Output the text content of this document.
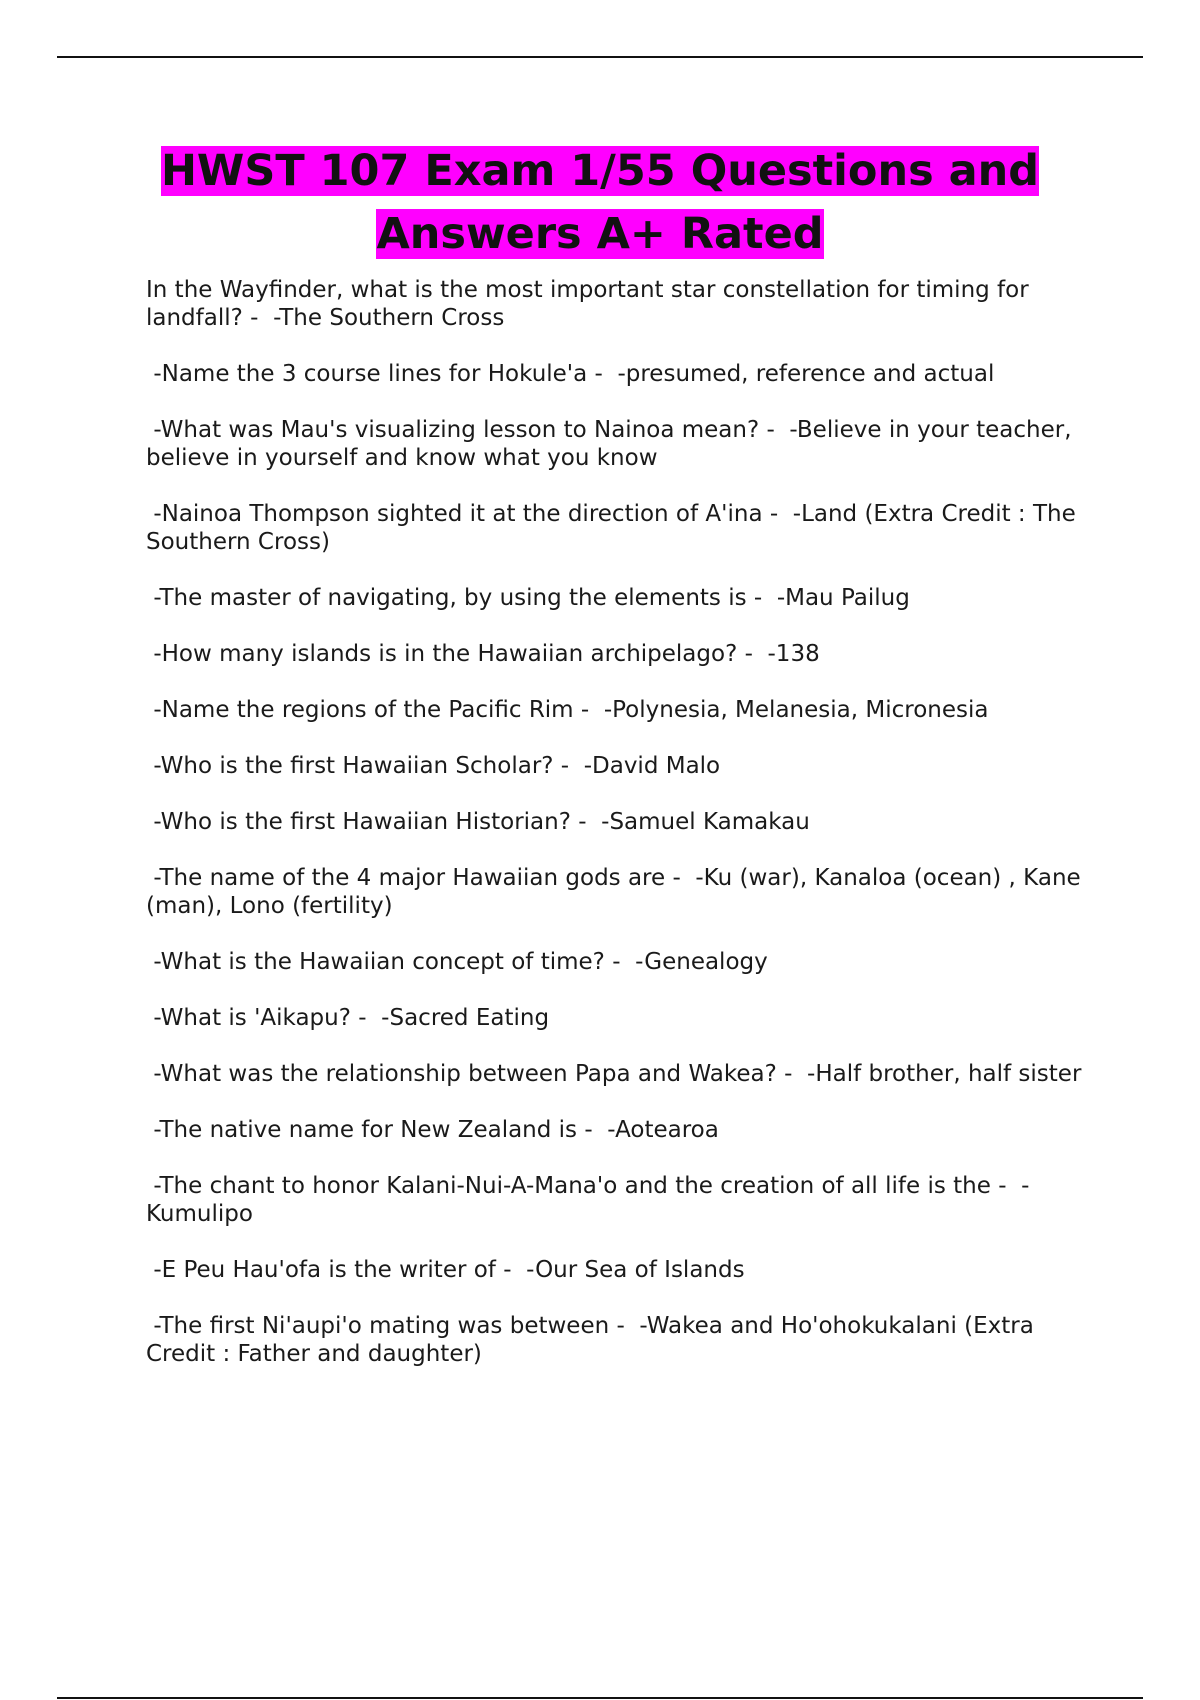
HWST 107 Exam 1/55 Questions and Answers A+ Rated
In the Wayfinder, what is the most important star constellation for timing for landfall? -  -The Southern Cross
-Name the 3 course lines for Hokule'a -  -presumed, reference and actual
-What was Mau's visualizing lesson to Nainoa mean? -  -Believe in your teacher, believe in yourself and know what you know
-Nainoa Thompson sighted it at the direction of A'ina -  -Land (Extra Credit : The Southern Cross)
-The master of navigating, by using the elements is -  -Mau Pailug
-How many islands is in the Hawaiian archipelago? -  -138
-Name the regions of the Pacific Rim -  -Polynesia, Melanesia, Micronesia
-Who is the first Hawaiian Scholar? -  -David Malo
-Who is the first Hawaiian Historian? -  -Samuel Kamakau
-The name of the 4 major Hawaiian gods are -  -Ku (war), Kanaloa (ocean) , Kane (man), Lono (fertility)
-What is the Hawaiian concept of time? -  -Genealogy
-What is 'Aikapu? -  -Sacred Eating
-What was the relationship between Papa and Wakea? -  -Half brother, half sister
-The native name for New Zealand is -  -Aotearoa
-The chant to honor Kalani-Nui-A-Mana'o and the creation of all life is the -  -Kumulipo
-E Peu Hau'ofa is the writer of -  -Our Sea of Islands
-The first Ni'aupi'o mating was between -  -Wakea and Ho'ohokukalani (Extra Credit : Father and daughter)
